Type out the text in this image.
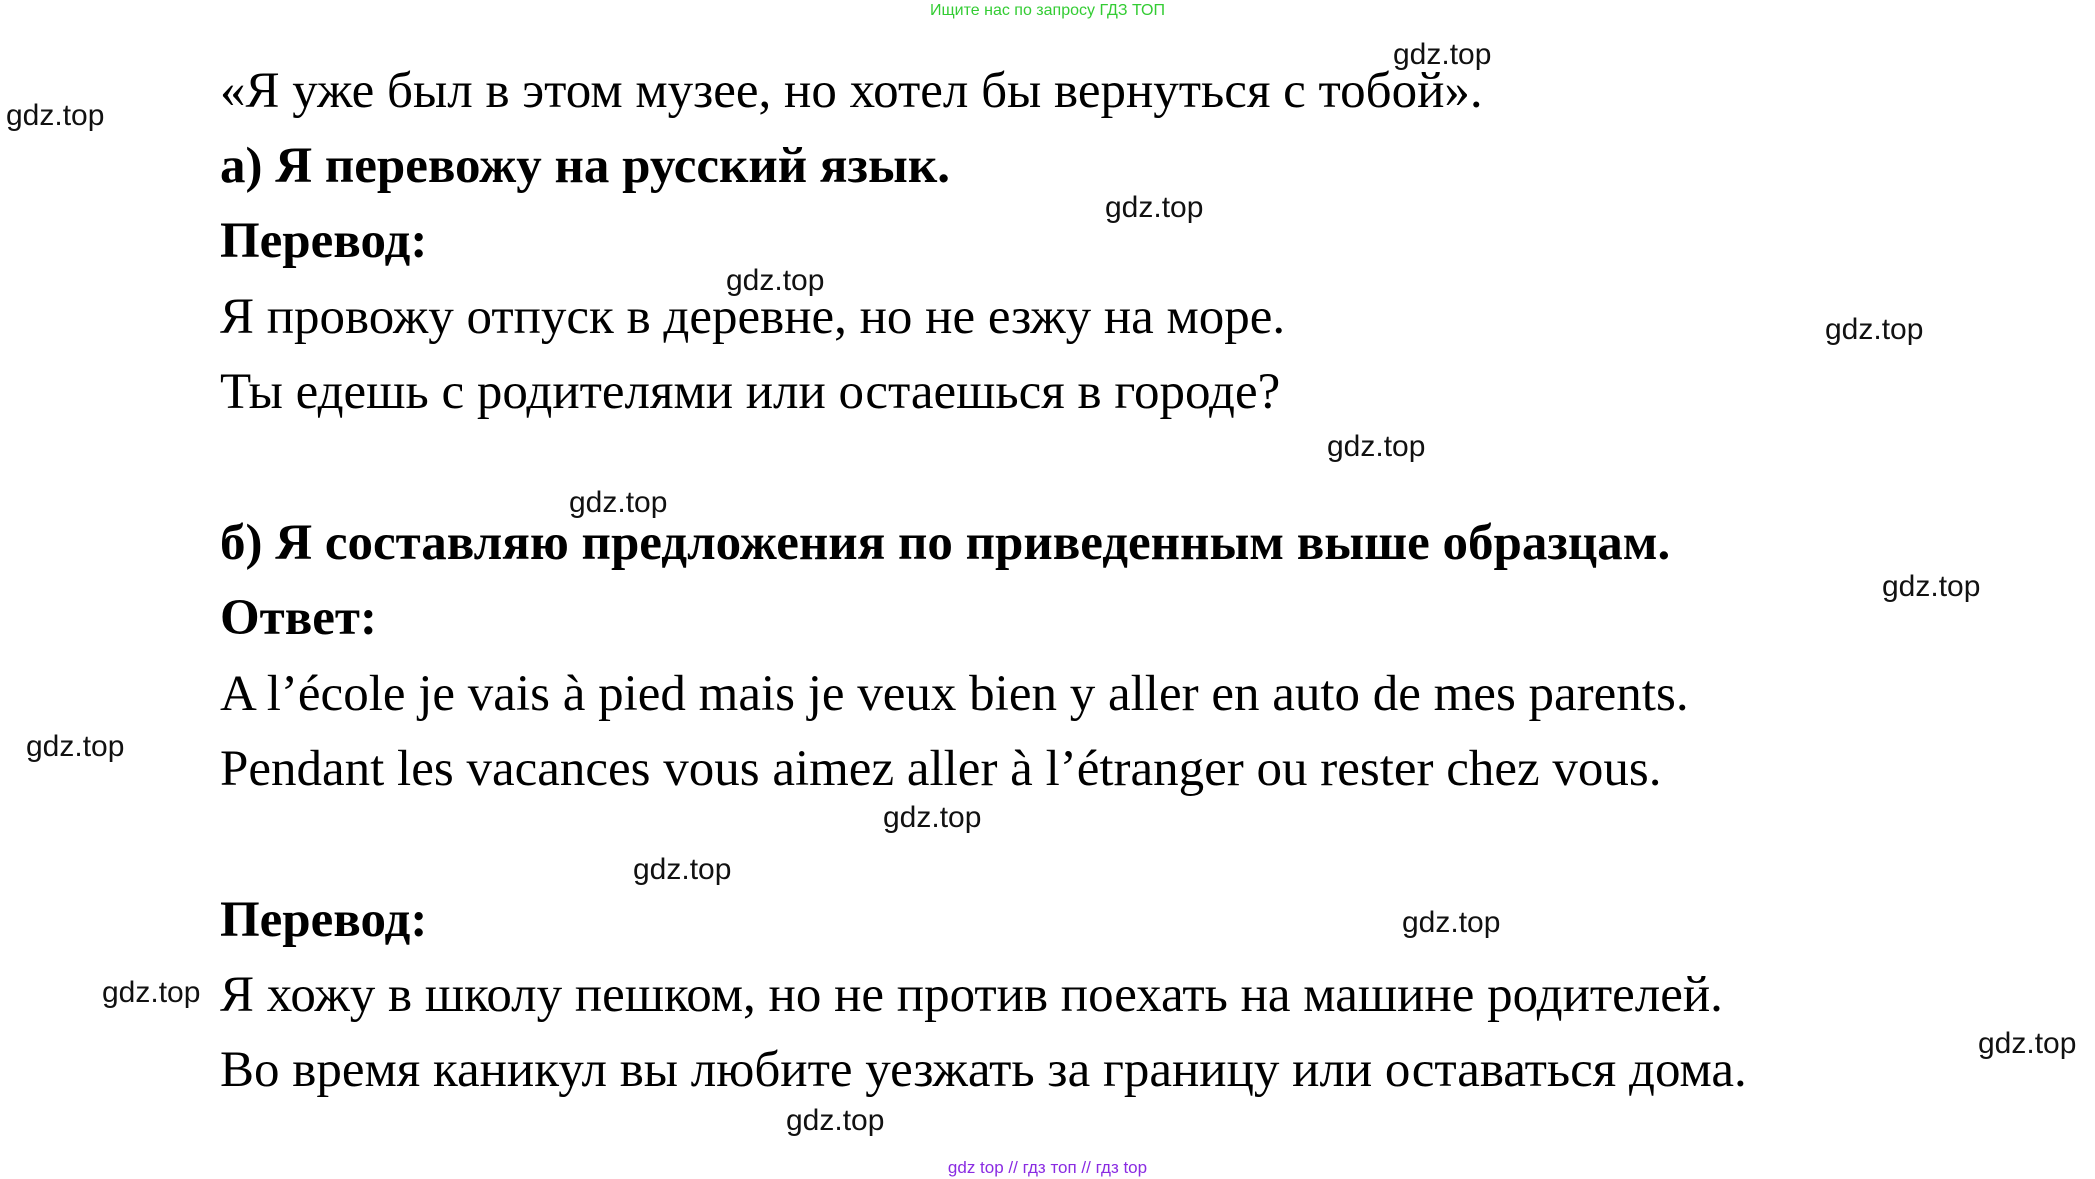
Ищите нас по запросу ГДЗ ТОП
«Я уже был в этом музее, но хотел бы вернуться с тобой».
а) Я перевожу на русский язык.
Перевод:
Я провожу отпуск в деревне, но не езжу на море.
Ты едешь с родителями или остаешься в городе?
б) Я составляю предложения по приведенным выше образцам.
Ответ:
A l’école je vais à pied mais je veux bien y aller en auto de mes parents.
Pendant les vacances vous aimez aller à l’étranger ou rester chez vous.
Перевод:
Я хожу в школу пешком, но не против поехать на машине родителей.
Во время каникул вы любите уезжать за границу или оставаться дома.
gdz.top
gdz.top
gdz.top
gdz.top
gdz.top
gdz.top
gdz.top
gdz.top
gdz.top
gdz.top
gdz.top
gdz.top
gdz.top
gdz.top
gdz.top
gdz top // гдз топ // гдз top
